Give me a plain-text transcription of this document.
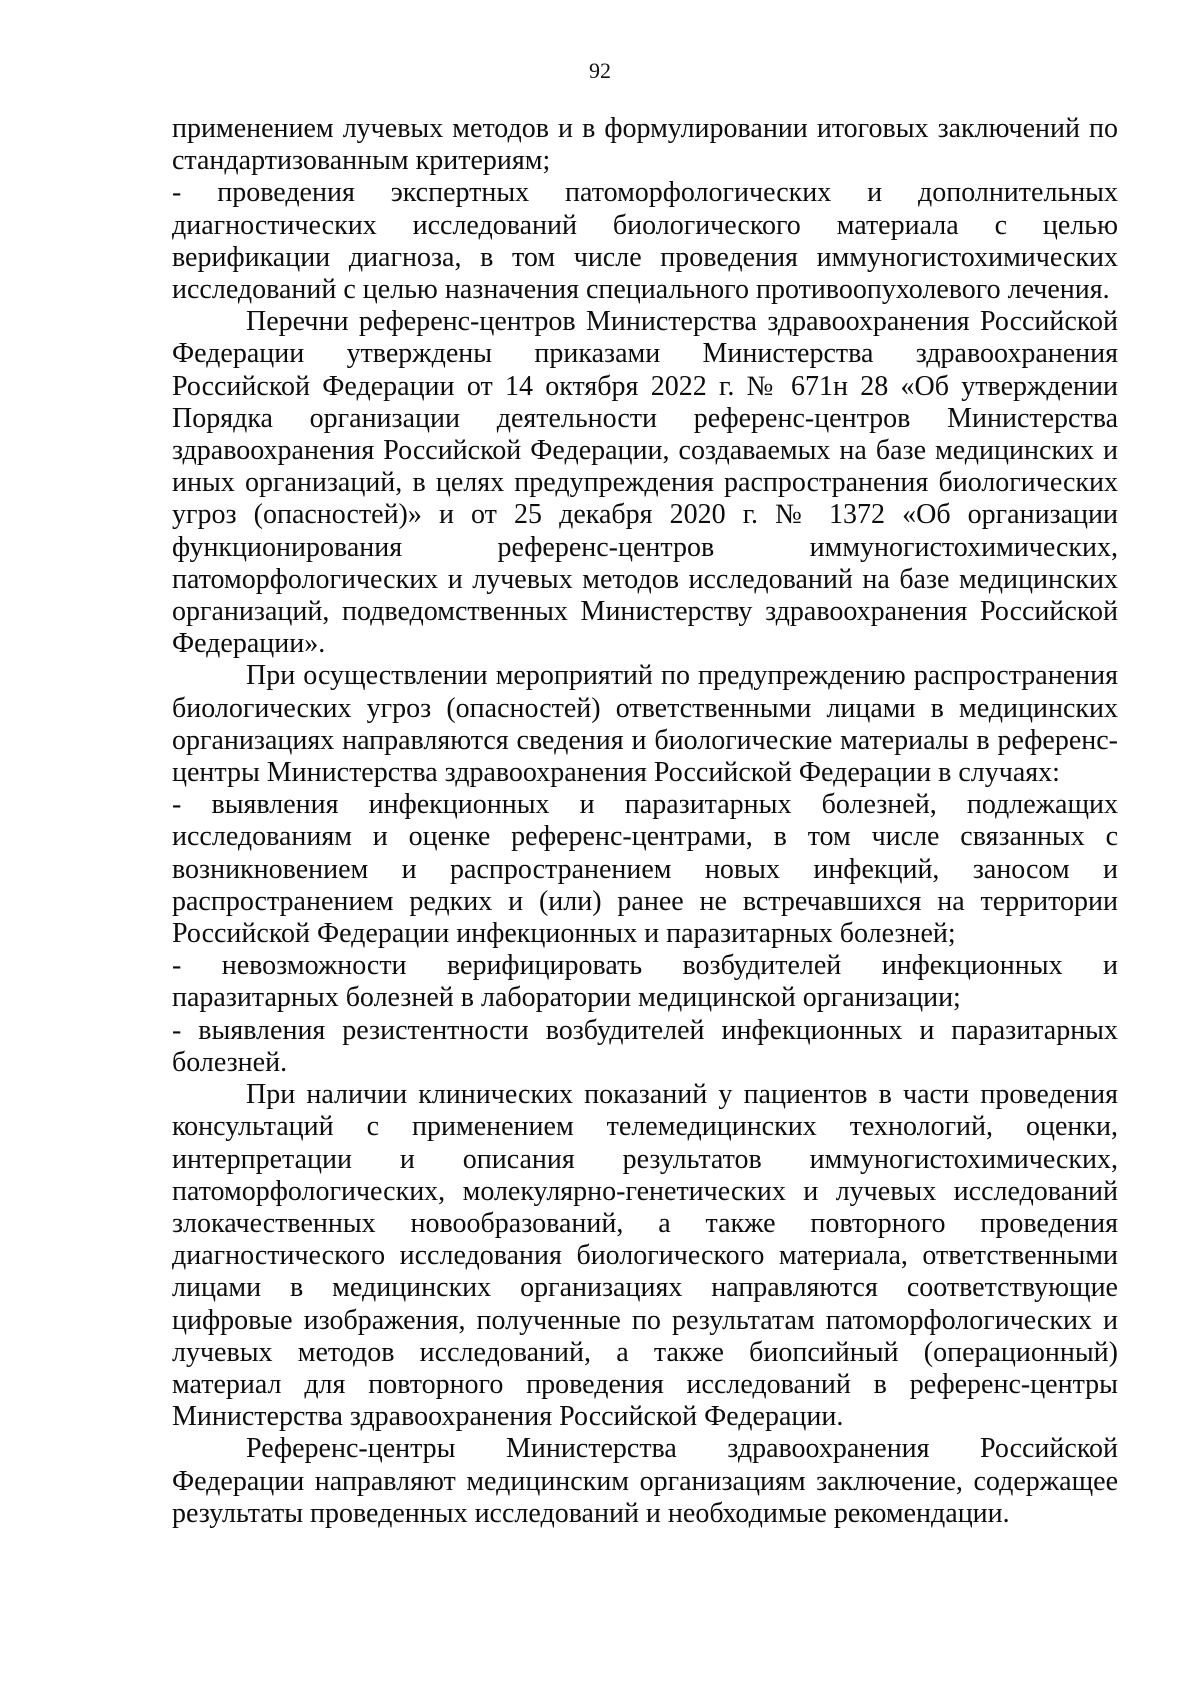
92

применением лучевых методов и в формулировании итоговых заключений по стандартизованным критериям;

- проведения экспертных патоморфологических и дополнительных диагностических исследований биологического материала с целью верификации диагноза, в том числе проведения иммуногистохимических исследований с целью назначения специального противоопухолевого лечения.

Перечни референс-центров Министерства здравоохранения Российской Федерации утверждены приказами Министерства здравоохранения Российской Федерации от 14 октября 2022 г. № 671н 28 «Об утверждении Порядка организации деятельности референс-центров Министерства здравоохранения Российской Федерации, создаваемых на базе медицинских и иных организаций, в целях предупреждения распространения биологических угроз (опасностей)» и от 25 декабря 2020 г. № 1372 «Об организации функционирования референс-центров иммуногистохимических, патоморфологических и лучевых методов исследований на базе медицинских организаций, подведомственных Министерству здравоохранения Российской Федерации».

При осуществлении мероприятий по предупреждению распространения биологических угроз (опасностей) ответственными лицами в медицинских организациях направляются сведения и биологические материалы в референс-центры Министерства здравоохранения Российской Федерации в случаях:

- выявления инфекционных и паразитарных болезней, подлежащих исследованиям и оценке референс-центрами, в том числе связанных с возникновением и распространением новых инфекций, заносом и распространением редких и (или) ранее не встречавшихся на территории Российской Федерации инфекционных и паразитарных болезней;

- невозможности верифицировать возбудителей инфекционных и паразитарных болезней в лаборатории медицинской организации;

- выявления резистентности возбудителей инфекционных и паразитарных болезней.

При наличии клинических показаний у пациентов в части проведения консультаций с применением телемедицинских технологий, оценки, интерпретации и описания результатов иммуногистохимических, патоморфологических, молекулярно-генетических и лучевых исследований злокачественных новообразований, а также повторного проведения диагностического исследования биологического материала, ответственными лицами в медицинских организациях направляются соответствующие цифровые изображения, полученные по результатам патоморфологических и лучевых методов исследований, а также биопсийный (операционный) материал для повторного проведения исследований в референс-центры Министерства здравоохранения Российской Федерации.

Референс-центры Министерства здравоохранения Российской Федерации направляют медицинским организациям заключение, содержащее результаты проведенных исследований и необходимые рекомендации.
